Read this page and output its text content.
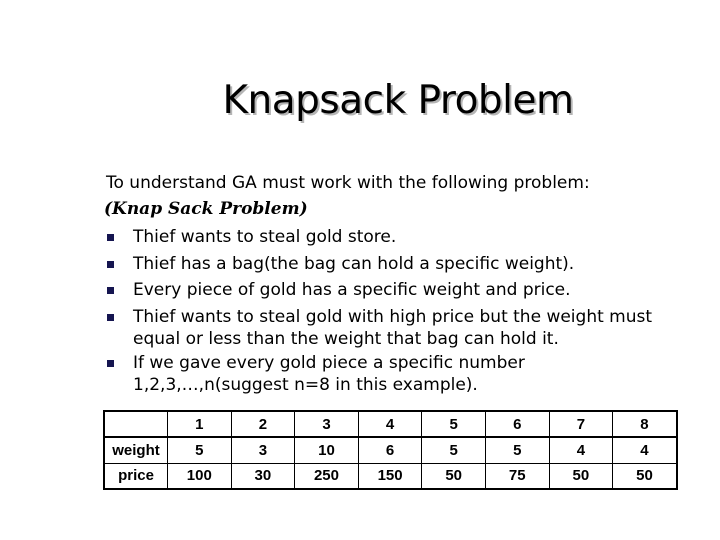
Knapsack Problem
To understand GA must work with the following problem:
(Knap Sack Problem)
Thief wants to steal gold store.
Thief has a bag(the bag can hold a specific weight).
Every piece of gold has a specific weight and price.
Thief wants to steal gold with high price but the weight must equal or less than the weight that bag can hold it.
If we gave every gold piece a specific number 1,2,3,…,n(suggest n=8 in this example).
	1	2	3	4	5	6	7	8
weight	5	3	10	6	5	5	4	4
price	100	30	250	150	50	75	50	50
